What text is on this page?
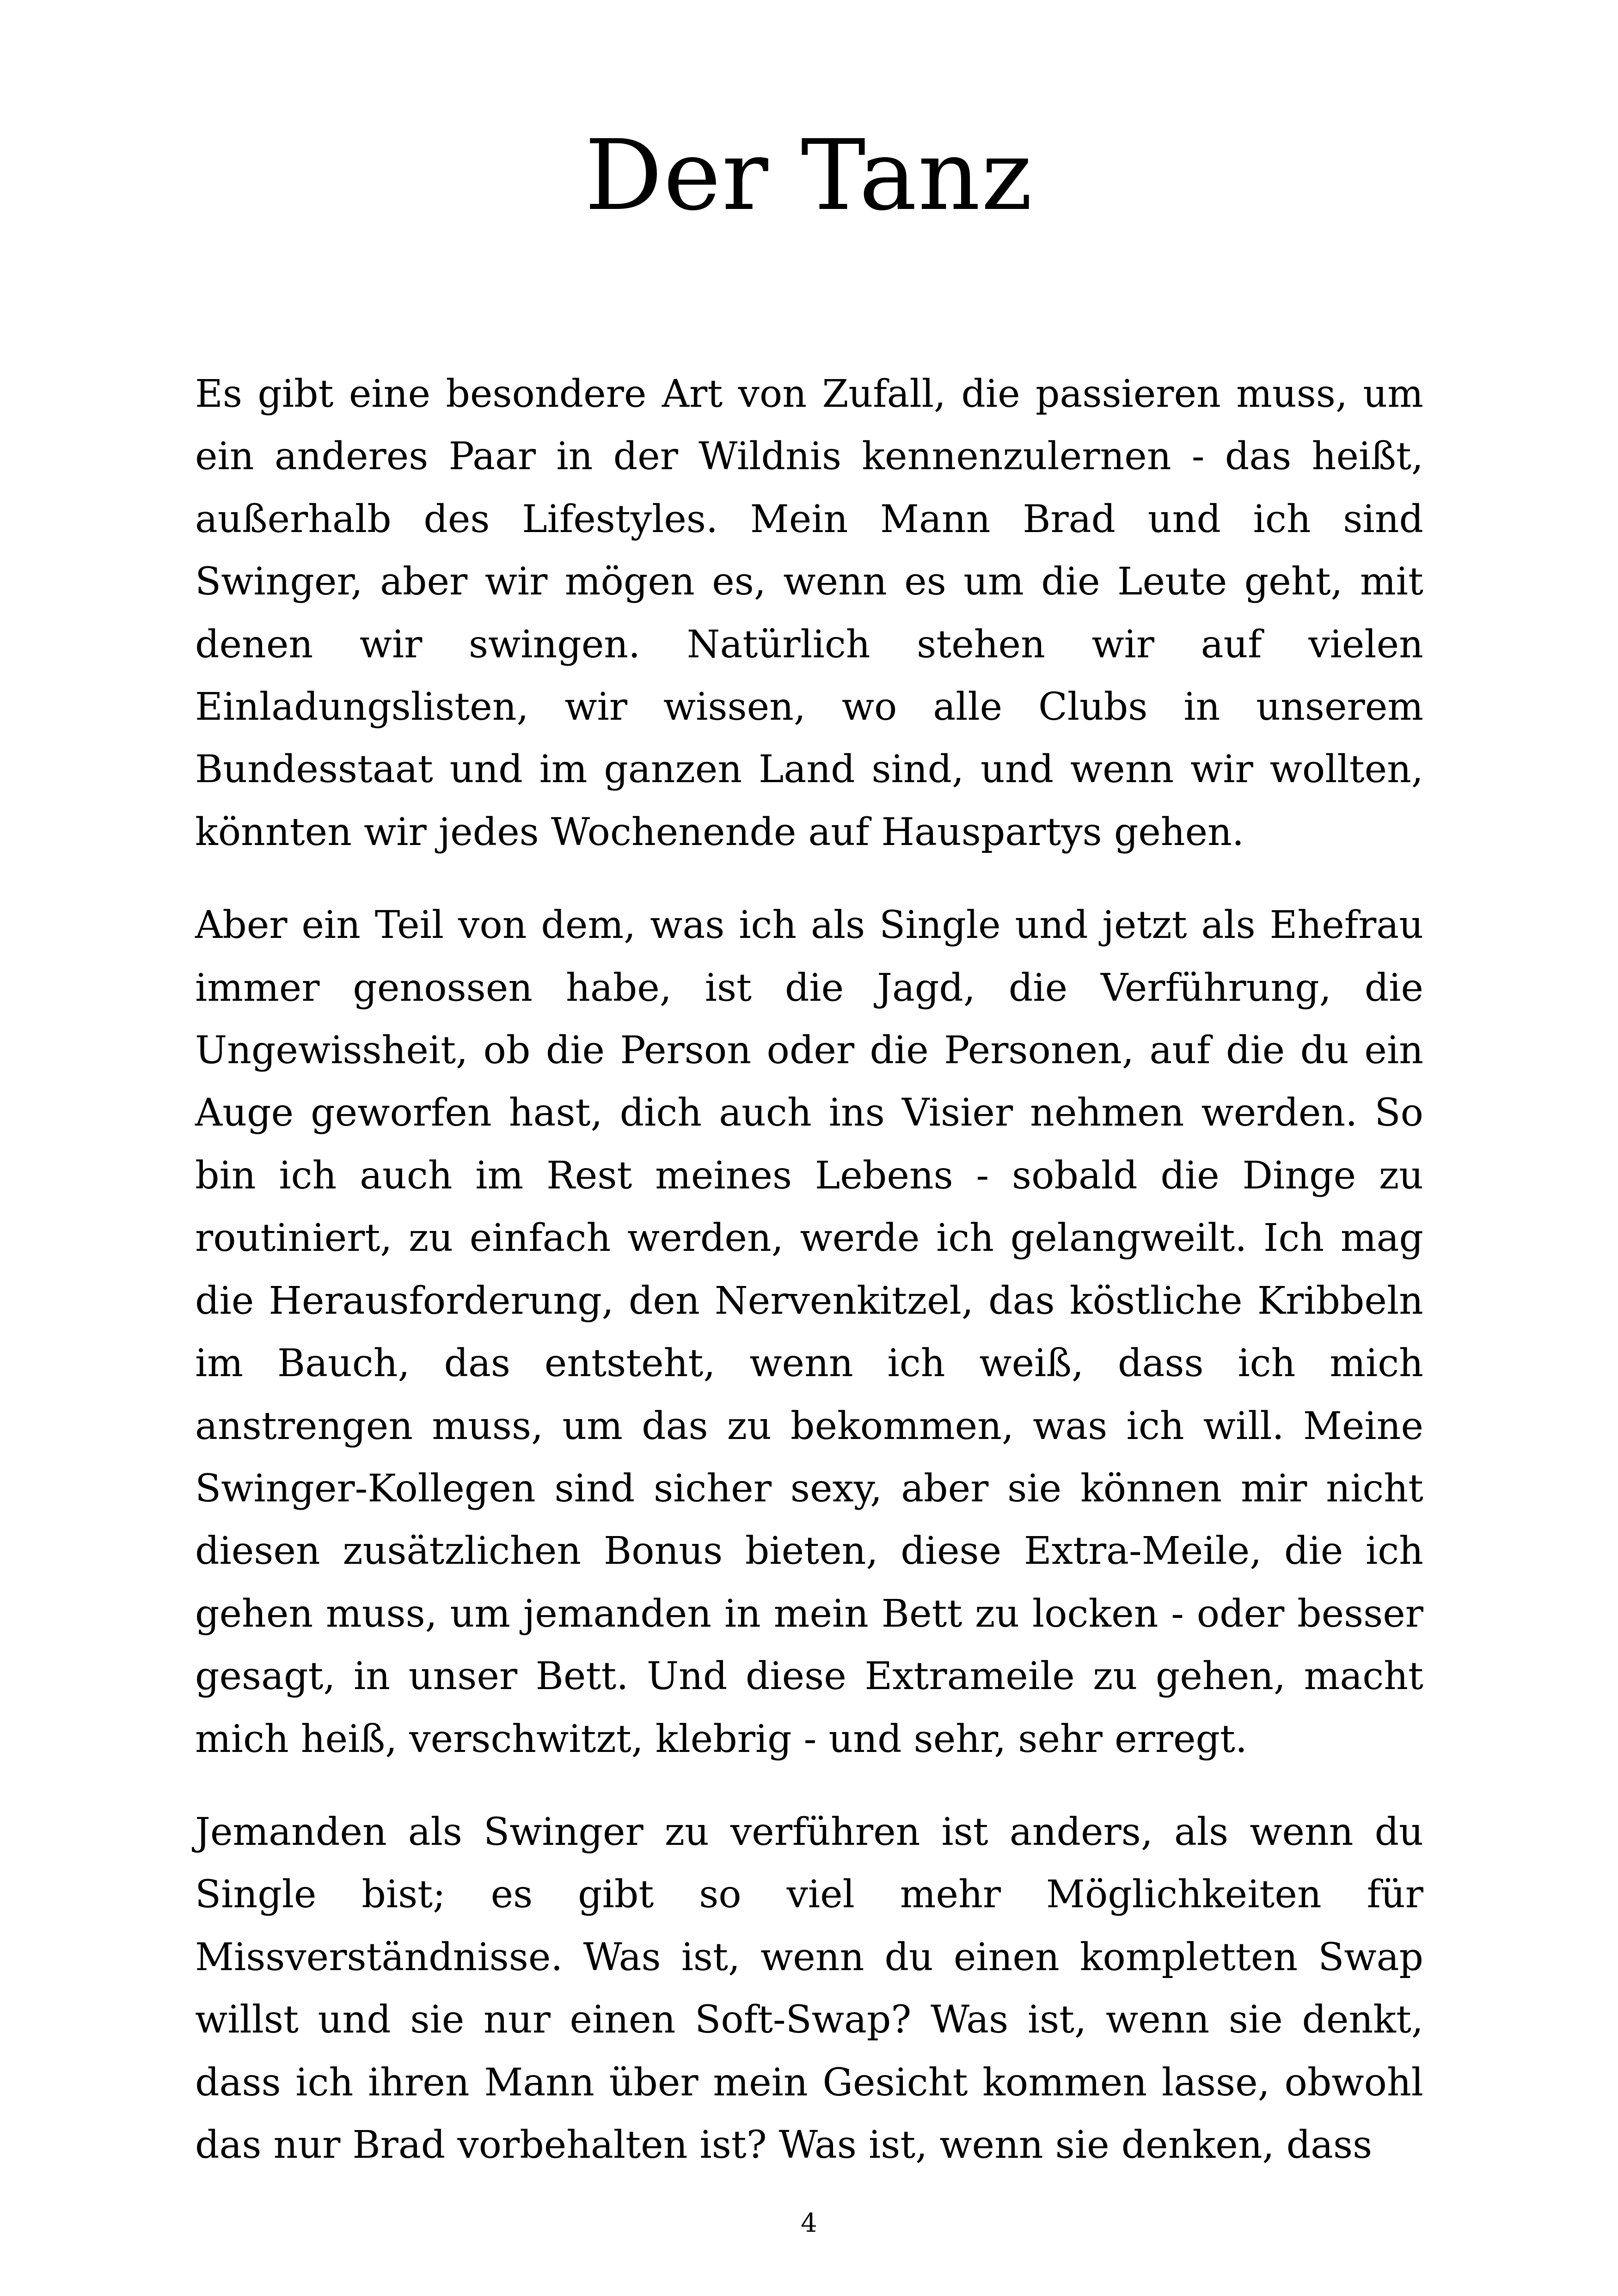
Der Tanz

Es gibt eine besondere Art von Zufall, die passieren muss, um ein anderes Paar in der Wildnis kennenzulernen - das heißt, außerhalb des Lifestyles. Mein Mann Brad und ich sind Swinger, aber wir mögen es, wenn es um die Leute geht, mit denen wir swingen. Natürlich stehen wir auf vielen Einladungslisten, wir wissen, wo alle Clubs in unserem Bundesstaat und im ganzen Land sind, und wenn wir wollten, könnten wir jedes Wochenende auf Hauspartys gehen.

Aber ein Teil von dem, was ich als Single und jetzt als Ehefrau immer genossen habe, ist die Jagd, die Verführung, die Ungewissheit, ob die Person oder die Personen, auf die du ein Auge geworfen hast, dich auch ins Visier nehmen werden. So bin ich auch im Rest meines Lebens - sobald die Dinge zu routiniert, zu einfach werden, werde ich gelangweilt. Ich mag die Herausforderung, den Nervenkitzel, das köstliche Kribbeln im Bauch, das entsteht, wenn ich weiß, dass ich mich anstrengen muss, um das zu bekommen, was ich will. Meine Swinger-Kollegen sind sicher sexy, aber sie können mir nicht diesen zusätzlichen Bonus bieten, diese Extra-Meile, die ich gehen muss, um jemanden in mein Bett zu locken - oder besser gesagt, in unser Bett. Und diese Extrameile zu gehen, macht mich heiß, verschwitzt, klebrig - und sehr, sehr erregt.

Jemanden als Swinger zu verführen ist anders, als wenn du Single bist; es gibt so viel mehr Möglichkeiten für Missverständnisse. Was ist, wenn du einen kompletten Swap willst und sie nur einen Soft-Swap? Was ist, wenn sie denkt, dass ich ihren Mann über mein Gesicht kommen lasse, obwohl das nur Brad vorbehalten ist? Was ist, wenn sie denken, dass

4
